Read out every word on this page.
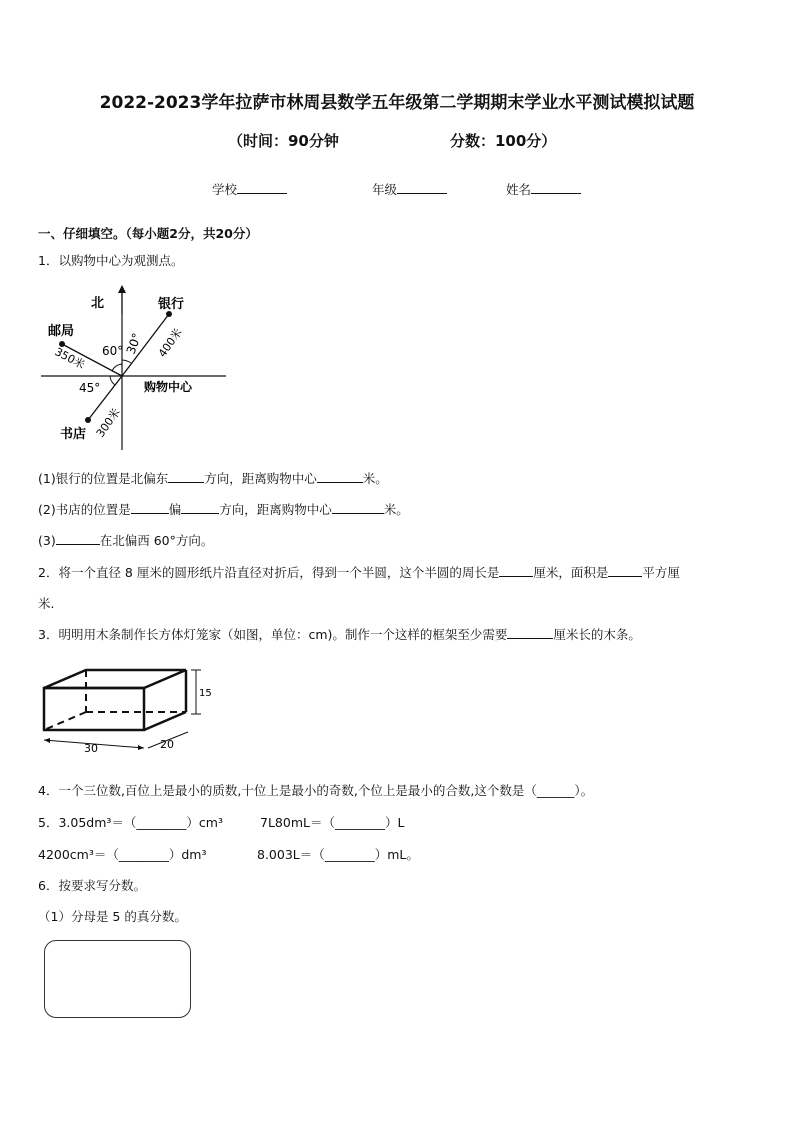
2022-2023学年拉萨市林周县数学五年级第二学期期末学业水平测试模拟试题
（时间：90分钟	分数：100分）
学校	年级	姓名
一、仔细填空。（每小题2分，共20分）
1．以购物中心为观测点。
北	银行
400米
邮局
350米
书店 300米
60° 30°
45°	购物中心
(1)银行的位置是北偏东	方向，距离购物中心	米。
(2)书店的位置是	偏	方向，距离购物中心	米。
(3)	在北偏西 60°方向。
2．将一个直径 8 厘米的圆形纸片沿直径对折后，得到一个半圆，这个半圆的周长是	厘米，面积是	平方厘
米.
3．明明用木条制作长方体灯笼家（如图，单位：cm)。制作一个这样的框架至少需要	厘米长的木条。
30	20
15
4．一个三位数,百位上是最小的质数,十位上是最小的奇数,个位上是最小的合数,这个数是（______）。
5．3.05dm³＝（________）cm³	7L80mL＝（________）L
4200cm³＝（________）dm³	8.003L＝（________）mL。
6．按要求写分数。
（1）分母是 5 的真分数。
